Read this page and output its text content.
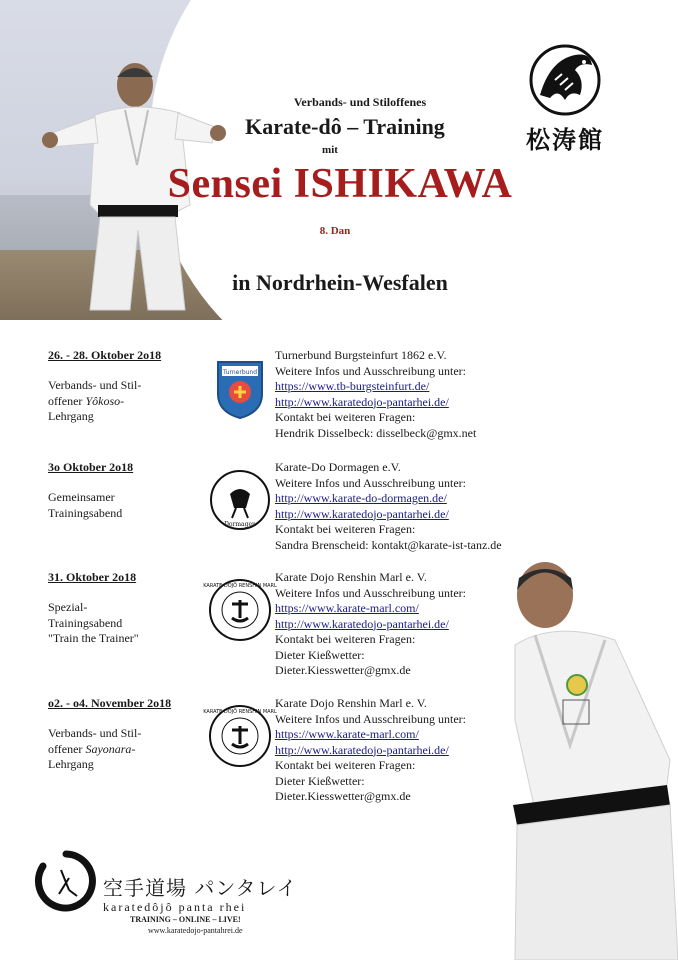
Verbands- und Stiloffenes
Karate-dô – Training
mit
Sensei ISHIKAWA
8. Dan
in Nordrhein-Wesfalen
松涛館
26. - 28. Oktober 2o18
Verbands- und Stil-
offener Yôkoso-
Lehrgang
Turnerbund
Turnerbund Burgsteinfurt 1862 e.V.
Weitere Infos und Ausschreibung unter:
https://www.tb-burgsteinfurt.de/
http://www.karatedojo-pantarhei.de/
Kontakt bei weiteren Fragen:
Hendrik Disselbeck: disselbeck@gmx.net
3o Oktober 2o18
Gemeinsamer
Trainingsabend
Dormagen
Karate-Do Dormagen e.V.
Weitere Infos und Ausschreibung unter:
http://www.karate-do-dormagen.de/
http://www.karatedojo-pantarhei.de/
Kontakt bei weiteren Fragen:
Sandra Brenscheid: kontakt@karate-ist-tanz.de
31. Oktober 2o18
Spezial-
Trainingsabend
"Train the Trainer"
KARATE DŌJŌ RENSHIN MARL
Karate Dojo Renshin Marl e. V.
Weitere Infos und Ausschreibung unter:
https://www.karate-marl.com/
http://www.karatedojo-pantarhei.de/
Kontakt bei weiteren Fragen:
Dieter Kießwetter:
Dieter.Kiesswetter@gmx.de
o2. - o4. November 2o18
Verbands- und Stil-
offener Sayonara-
Lehrgang
KARATE DŌJŌ RENSHIN MARL
Karate Dojo Renshin Marl e. V.
Weitere Infos und Ausschreibung unter:
https://www.karate-marl.com/
http://www.karatedojo-pantarhei.de/
Kontakt bei weiteren Fragen:
Dieter Kießwetter:
Dieter.Kiesswetter@gmx.de
空手道場 パンタレイ
karatedôjô panta rhei
TRAINING – ONLINE – LIVE!
www.karatedojo-pantahrei.de
